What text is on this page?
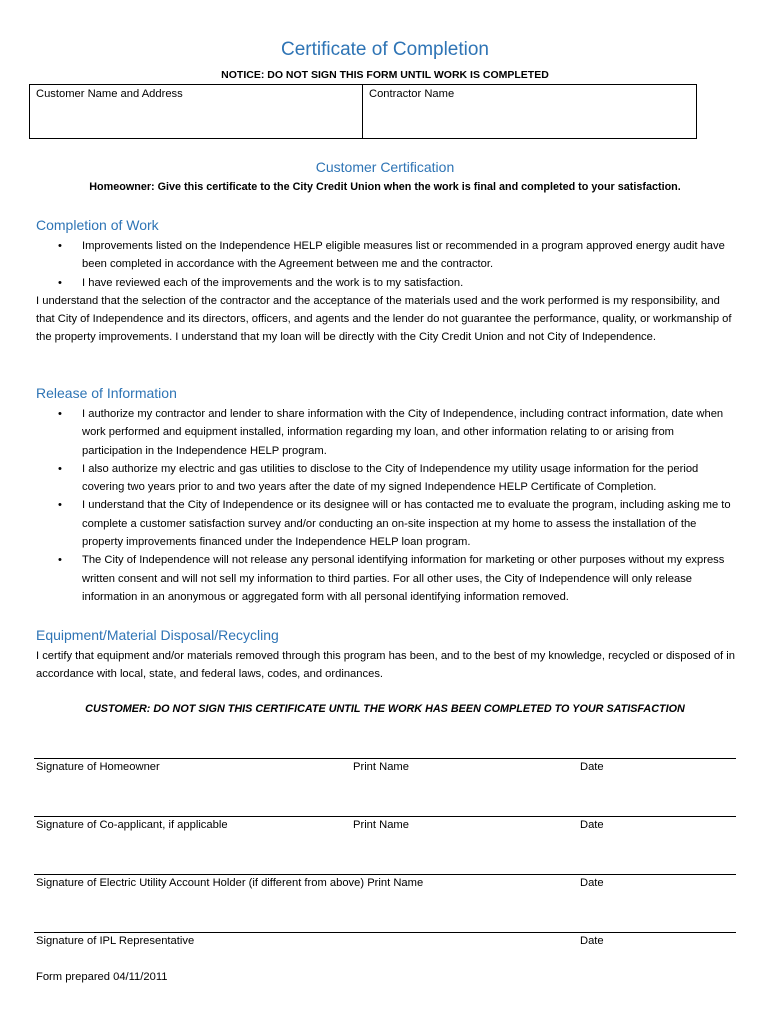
Certificate of Completion
NOTICE: DO NOT SIGN THIS FORM UNTIL WORK IS COMPLETED
Customer Name and Address	Contractor Name
Customer Certification
Homeowner: Give this certificate to the City Credit Union when the work is final and completed to your satisfaction.
Completion of Work
• Improvements listed on the Independence HELP eligible measures list or recommended in a program approved energy audit have been completed in accordance with the Agreement between me and the contractor.
• I have reviewed each of the improvements and the work is to my satisfaction.

I understand that the selection of the contractor and the acceptance of the materials used and the work performed is my responsibility, and that City of Independence and its directors, officers, and agents and the lender do not guarantee the performance, quality, or workmanship of the property improvements. I understand that my loan will be directly with the City Credit Union and not City of Independence.

Release of Information
• I authorize my contractor and lender to share information with the City of Independence, including contract information, date when work performed and equipment installed, information regarding my loan, and other information relating to or arising from participation in the Independence HELP program.
• I also authorize my electric and gas utilities to disclose to the City of Independence my utility usage information for the period covering two years prior to and two years after the date of my signed Independence HELP Certificate of Completion.
• I understand that the City of Independence or its designee will or has contacted me to evaluate the program, including asking me to complete a customer satisfaction survey and/or conducting an on-site inspection at my home to assess the installation of the property improvements financed under the Independence HELP loan program.
• The City of Independence will not release any personal identifying information for marketing or other purposes without my express written consent and will not sell my information to third parties. For all other uses, the City of Independence will only release information in an anonymous or aggregated form with all personal identifying information removed.
Equipment/Material Disposal/Recycling

I certify that equipment and/or materials removed through this program has been, and to the best of my knowledge, recycled or disposed of in accordance with local, state, and federal laws, codes, and ordinances.

CUSTOMER: DO NOT SIGN THIS CERTIFICATE UNTIL THE WORK HAS BEEN COMPLETED TO YOUR SATISFACTION
Signature of Homeowner	Print Name	Date
Signature of Co-applicant, if applicable	Print Name	Date
Signature of Electric Utility Account Holder (if different from above) Print Name	Date
Signature of IPL Representative	Date
Form prepared 04/11/2011
